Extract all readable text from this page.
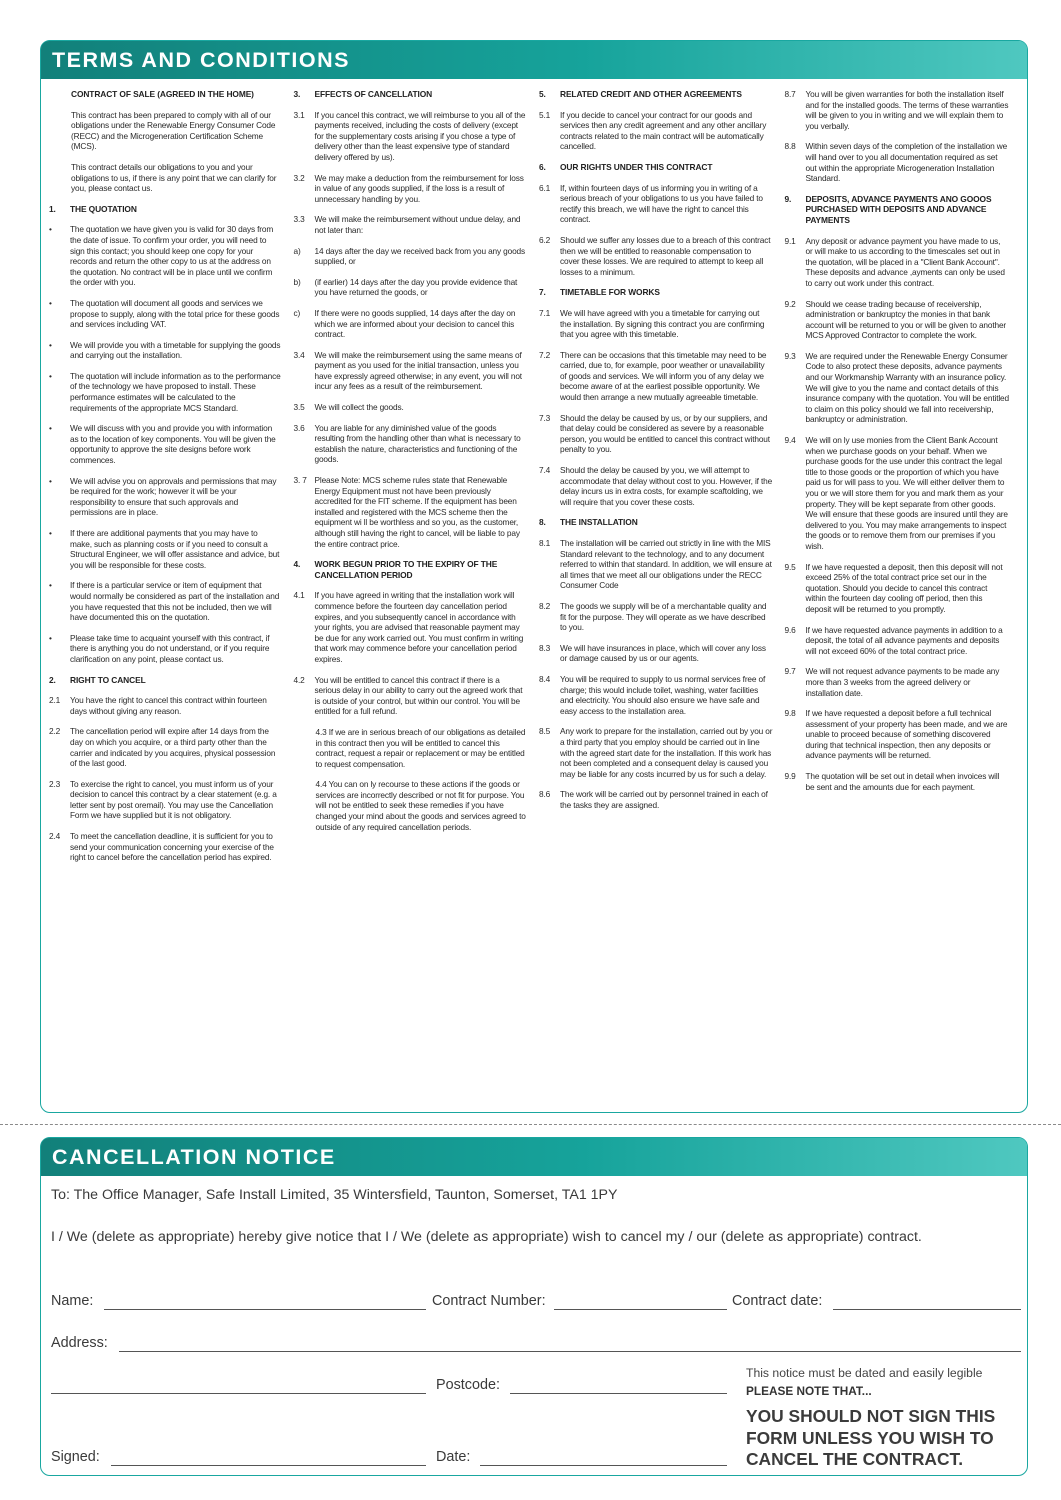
TERMS AND CONDITIONS
CONTRACT OF SALE (AGREED IN THE HOME)
This contract has been prepared to comply with all of our obligations under the Renewable Energy Consumer Code (RECC) and the Microgeneration Certification Scheme (MCS).
This contract details our obligations to you and your obligations to us, if there is any point that we can clarify for you, please contact us.
1.	THE QUOTATION
•	The quotation we have given you is valid for 30 days from the date of issue. To confirm your order, you will need to sign this contact; you should keep one copy for your records and return the other copy to us at the address on the quotation. No contract will be in place until we confirm the order with you.
•	The quotation will document all goods and services we propose to supply, along with the total price for these goods and services including VAT.
•	We will provide you with a timetable for supplying the goods and carrying out the installation.
•	The quotation will include information as to the performance of the technology we have proposed to install. These performance estimates will be calculated to the requirements of the appropriate MCS Standard.
•	We will discuss with you and provide you with information as to the location of key components. You will be given the opportunity to approve the site designs before work commences.
•	We will advise you on approvals and permissions that may be required for the work; however it will be your responsibility to ensure that such approvals and permissions are in place.
•	If there are additional payments that you may have to make, such as planning costs or if you need to consult a Structural Engineer, we will offer assistance and advice, but you will be responsible for these costs.
•	If there is a particular service or item of equipment that would normally be considered as part of the installation and you have requested that this not be included, then we will have documented this on the quotation.
•	Please take time to acquaint yourself with this contract, if there is anything you do not understand, or if you require clarification on any point, please contact us.
2.	RIGHT TO CANCEL
2.1	You have the right to cancel this contract within fourteen days without giving any reason.
2.2	The cancellation period will expire after 14 days from the day on which you acquire, or a third party other than the carrier and indicated by you acquires, physical possession of the last good.
2.3	To exercise the right to cancel, you must inform us of your decision to cancel this contract by a clear statement (e.g. a letter sent by post oremail). You may use the Cancellation Form we have supplied but it is not obligatory.
2.4	To meet the cancellation deadline, it is sufficient for you to send your communication concerning your exercise of the right to cancel before the cancellation period has expired.
3.	EFFECTS OF CANCELLATION
3.1	If you cancel this contract, we will reimburse to you all of the payments received, including the costs of delivery (except for the supplementary costs arising if you chose a type of delivery other than the least expensive type of standard delivery offered by us).
3.2	We may make a deduction from the reimbursement for loss in value of any goods supplied, if the loss is a result of unnecessary handling by you.
3.3	We will make the reimbursement without undue delay, and not later than:
a)	14 days after the day we received back from you any goods supplied, or
b)	(if earlier) 14 days after the day you provide evidence that you have returned the goods, or
c)	If there were no goods supplied, 14 days after the day on which we are informed about your decision to cancel this contract.
3.4	We will make the reimbursement using the same means of payment as you used for the initial transaction, unless you have expressly agreed otherwise; in any event, you will not incur any fees as a result of the reimbursement.
3.5	We will collect the goods.
3.6	You are liable for any diminished value of the goods resulting from the handling other than what is necessary to establish the nature, characteristics and functioning of the goods.
3. 7 Please Note: MCS scheme rules state that Renewable Energy Equipment must not have been previously accredited for the FIT scheme. If the equipment has been installed and registered with the MCS scheme then the equipment wi ll be worthless and so you, as the customer, although still having the right to cancel, will be liable to pay the entire contract price.
4.	WORK BEGUN PRIOR TO THE EXPIRY OF THE CANCELLATION PERIOD
4.1	If you have agreed in writing that the installation work will commence before the fourteen day cancellation period expires, and you subsequently cancel in accordance with your rights, you are advised that reasonable payment may be due for any work carried out. You must confirm in writing that work may commence before your cancellation period expires.
4.2	You will be entitled to cancel this contract if there is a serious delay in our ability to carry out the agreed work that is outside of your control, but within our control. You will be entitled for a full refund.
4.3 If we are in serious breach of our obligations as detailed in this contract then you will be entitled to cancel this contract, request a repair or replacement or may be entitled to request compensation.
4.4 You can on ly recourse to these actions if the goods or services are incorrectly described or not fit for purpose. You will not be entitled to seek these remedies if you have changed your mind about the goods and services agreed to outside of any required cancellation periods.
5.	RELATED CREDIT AND OTHER AGREEMENTS
5.1	If you decide to cancel your contract for our goods and services then any credit agreement and any other ancillary contracts related to the main contract will be automatically cancelled.
6.	OUR RIGHTS UNDER THIS CONTRACT
6.1	If, within fourteen days of us informing you in writing of a serious breach of your obligations to us you have failed to rectify this breach, we will have the right to cancel this contract.
6.2	Should we suffer any losses due to a breach of this contract then we will be entitled to reasonable compensation to cover these losses. We are required to attempt to keep all losses to a minimum.
7.	TIMETABLE FOR WORKS
7.1	We will have agreed with you a timetable for carrying out the installation. By signing this contract you are confirming that you agree with this timetable.
7.2	There can be occasions that this timetable may need to be carried, due to, for example, poor weather or unavailability of goods and services. We will inform you of any delay we become aware of at the earliest possible opportunity. We would then arrange a new mutually agreeable timetable.
7.3	Should the delay be caused by us, or by our suppliers, and that delay could be considered as severe by a reasonable person, you would be entitled to cancel this contract without penalty to you.
7.4	Should the delay be caused by you, we will attempt to accommodate that delay without cost to you. However, if the delay incurs us in extra costs, for example scaftolding, we will require that you cover these costs.
8.	THE INSTALLATION
8.1	The installation will be carried out strictly in line with the MIS Standard relevant to the technology, and to any document referred to within that standard. In addition, we will ensure at all times that we meet all our obligations under the RECC Consumer Code
8.2	The goods we supply will be of a merchantable quality and fit for the purpose. They will operate as we have described to you.
8.3	We will have insurances in place, which will cover any loss or damage caused by us or our agents.
8.4	You will be required to supply to us normal services free of charge; this would include toilet, washing, water facilities and electricity. You should also ensure we have safe and easy access to the installation area.
8.5	Any work to prepare for the installation, carried out by you or a third party that you employ should be carried out in line with the agreed start date for the installation. If this work has not been completed and a consequent delay is caused you may be liable for any costs incurred by us for such a delay.
8.6	The work will be carried out by personnel trained in each of the tasks they are assigned.
8.7	You will be given warranties for both the installation itself and for the installed goods. The terms of these warranties will be given to you in writing and we will explain them to you verbally.
8.8	Within seven days of the completion of the installation we will hand over to you all documentation required as set out within the appropriate Microgeneration Installation Standard.
9.	DEPOSITS, ADVANCE PAYMENTS ANO GOOOS PURCHASED WITH DEPOSITS AND ADVANCE PAYMENTS
9.1	Any deposit or advance payment you have made to us, or will make to us according to the timescales set out in the quotation, will be placed in a "Client Bank Account". These deposits and advance ,ayments can only be used to carry out work under this contract.
9.2	Should we cease trading because of receivership, administration or bankruptcy the monies in that bank account will be returned to you or will be given to another MCS Approved Contractor to complete the work.
9.3	We are required under the Renewable Energy Consumer Code to also protect these deposits, advance payments and our Workmanship Warranty with an insurance policy. We will give to you the name and contact details of this insurance company with the quotation. You will be entitled to claim on this policy should we fall into receivership, bankruptcy or administration.
9.4	We will on ly use monies from the Client Bank Account when we purchase goods on your behalf. When we purchase goods for the use under this contract the legal title to those goods or the proportion of which you have paid us for will pass to you. We will either deliver them to you or we will store them for you and mark them as your property. They will be kept separate from other goods. We will ensure that these goods are insured until they are delivered to you. You may make arrangements to inspect the goods or to remove them from our premises if you wish.
9.5	If we have requested a deposit, then this deposit will not exceed 25% of the total contract price set our in the quotation. Should you decide to cancel this contract within the fourteen day cooling off period, then this deposit will be returned to you promptly.
9.6	If we have requested advance payments in addition to a deposit, the total of all advance payments and deposits will not exceed 60% of the total contract price.
9.7	We will not request advance payments to be made any more than 3 weeks from the agreed delivery or installation date.
9.8	If we have requested a deposit before a full technical assessment of your property has been made, and we are unable to proceed because of something discovered during that technical inspection, then any deposits or advance payments will be returned.
9.9	The quotation will be set out in detail when invoices will be sent and the amounts due for each payment.
CANCELLATION NOTICE
To: The Office Manager, Safe Install Limited, 35 Wintersfield, Taunton, Somerset, TA1 1PY
I / We (delete as appropriate) hereby give notice that I / We (delete as appropriate) wish to cancel my / our (delete as appropriate) contract.
Name:	Contract Number:	Contract date:
Address:
Postcode:
Signed:	Date:
This notice must be dated and easily legible
PLEASE NOTE THAT...
YOU SHOULD NOT SIGN THIS FORM UNLESS YOU WISH TO CANCEL THE CONTRACT.
